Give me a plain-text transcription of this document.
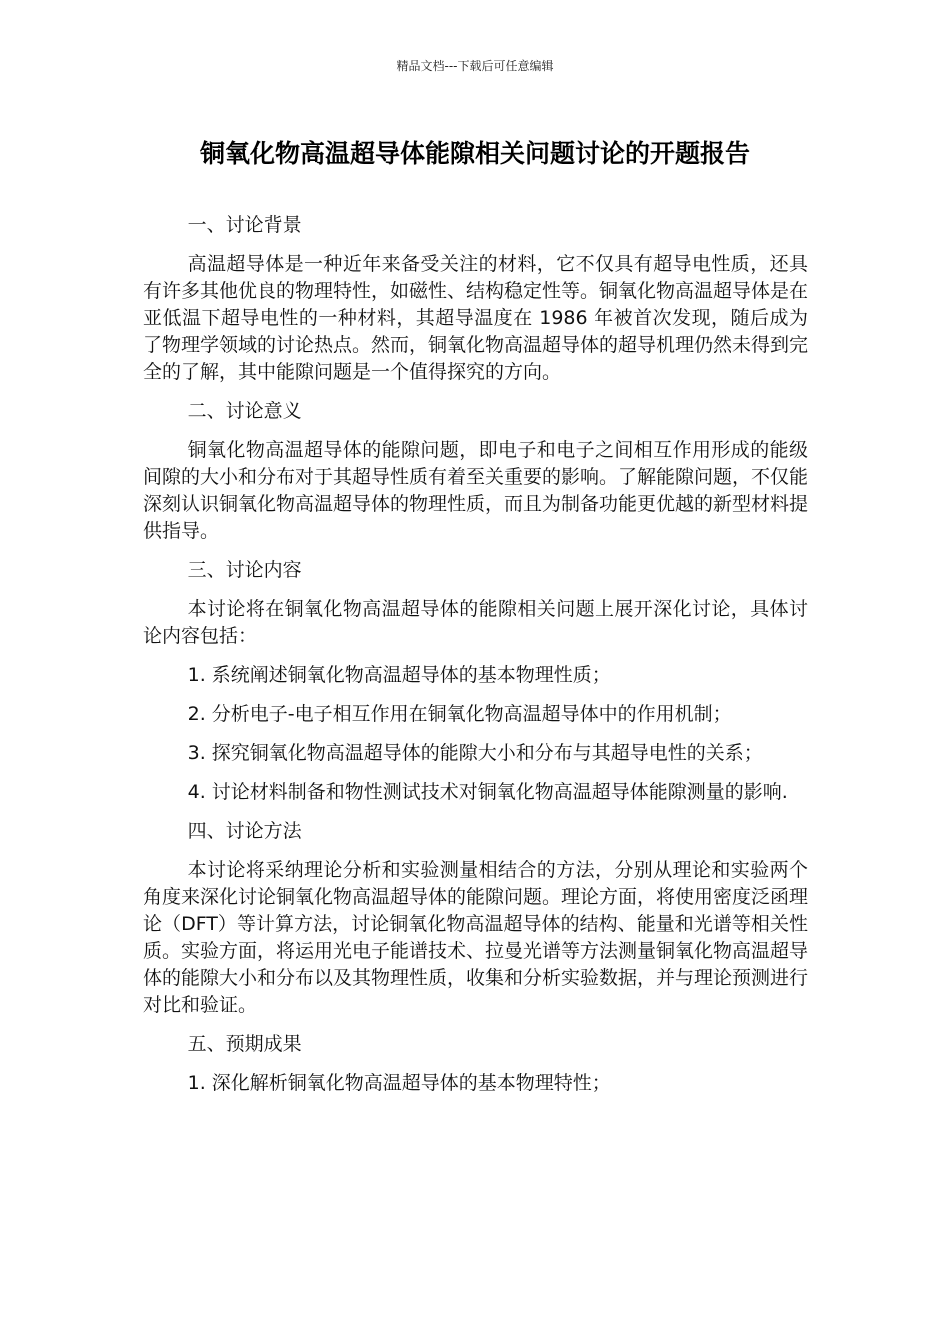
精品文档---下载后可任意编辑
铜氧化物高温超导体能隙相关问题讨论的开题报告
一、讨论背景

高温超导体是一种近年来备受关注的材料，它不仅具有超导电性质，还具有许多其他优良的物理特性，如磁性、结构稳定性等。铜氧化物高温超导体是在亚低温下超导电性的一种材料，其超导温度在 1986 年被首次发现，随后成为了物理学领域的讨论热点。然而，铜氧化物高温超导体的超导机理仍然未得到完全的了解，其中能隙问题是一个值得探究的方向。

二、讨论意义

铜氧化物高温超导体的能隙问题，即电子和电子之间相互作用形成的能级间隙的大小和分布对于其超导性质有着至关重要的影响。了解能隙问题，不仅能深刻认识铜氧化物高温超导体的物理性质，而且为制备功能更优越的新型材料提供指导。

三、讨论内容

本讨论将在铜氧化物高温超导体的能隙相关问题上展开深化讨论，具体讨论内容包括：

1. 系统阐述铜氧化物高温超导体的基本物理性质；

2. 分析电子-电子相互作用在铜氧化物高温超导体中的作用机制；

3. 探究铜氧化物高温超导体的能隙大小和分布与其超导电性的关系；

4. 讨论材料制备和物性测试技术对铜氧化物高温超导体能隙测量的影响.

四、讨论方法

本讨论将采纳理论分析和实验测量相结合的方法，分别从理论和实验两个角度来深化讨论铜氧化物高温超导体的能隙问题。理论方面，将使用密度泛函理论（DFT）等计算方法，讨论铜氧化物高温超导体的结构、能量和光谱等相关性质。实验方面，将运用光电子能谱技术、拉曼光谱等方法测量铜氧化物高温超导体的能隙大小和分布以及其物理性质，收集和分析实验数据，并与理论预测进行对比和验证。

五、预期成果

1. 深化解析铜氧化物高温超导体的基本物理特性；
